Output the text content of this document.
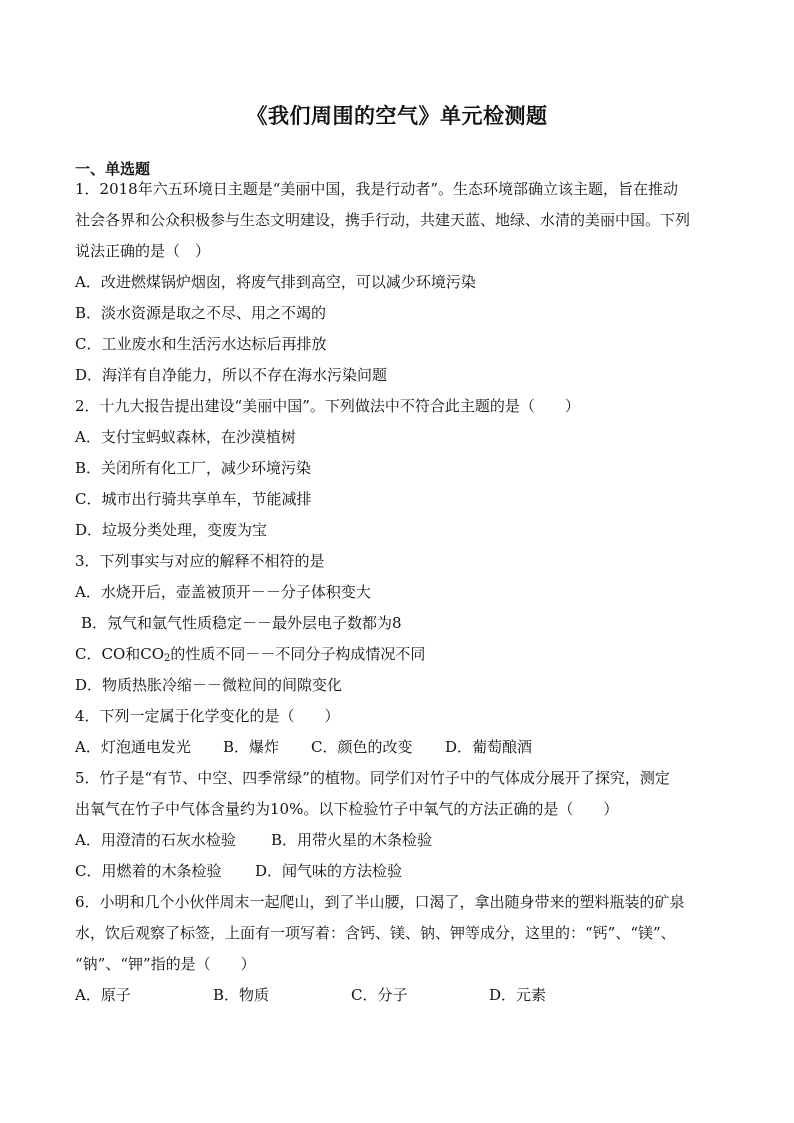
《我们周围的空气》单元检测题

一、单选题

1．2018年六五环境日主题是“美丽中国，我是行动者”。生态环境部确立该主题，旨在推动

社会各界和公众积极参与生态文明建设，携手行动，共建天蓝、地绿、水清的美丽中国。下列

说法正确的是（　）

A．改进燃煤锅炉烟囱，将废气排到高空，可以减少环境污染

B．淡水资源是取之不尽、用之不竭的

C．工业废水和生活污水达标后再排放

D．海洋有自净能力，所以不存在海水污染问题

2．十九大报告提出建设“美丽中国”。下列做法中不符合此主题的是（　　）

A．支付宝蚂蚁森林，在沙漠植树

B．关闭所有化工厂，减少环境污染

C．城市出行骑共享单车，节能减排

D．垃圾分类处理，变废为宝

3．下列事实与对应的解释不相符的是

A．水烧开后，壶盖被顶开－－分子体积变大

B．氖气和氩气性质稳定－－最外层电子数都为8

C．CO和$CO_2$的性质不同－－不同分子构成情况不同

D．物质热胀冷缩－－微粒间的间隙变化

4．下列一定属于化学变化的是（　　）

A．灯泡通电发光	B．爆炸	C．颜色的改变	D．葡萄酿酒

5．竹子是“有节、中空、四季常绿”的植物。同学们对竹子中的气体成分展开了探究，测定

出氧气在竹子中气体含量约为10%。以下检验竹子中氧气的方法正确的是（　　）

A．用澄清的石灰水检验	B．用带火星的木条检验
C．用燃着的木条检验	D．闻气味的方法检验

6．小明和几个小伙伴周末一起爬山，到了半山腰，口渴了，拿出随身带来的塑料瓶装的矿泉

水，饮后观察了标签，上面有一项写着：含钙、镁、钠、钾等成分，这里的：“钙”、“镁”、

“钠”、“钾”指的是（　　）

A．原子	B．物质	C．分子	D．元素
